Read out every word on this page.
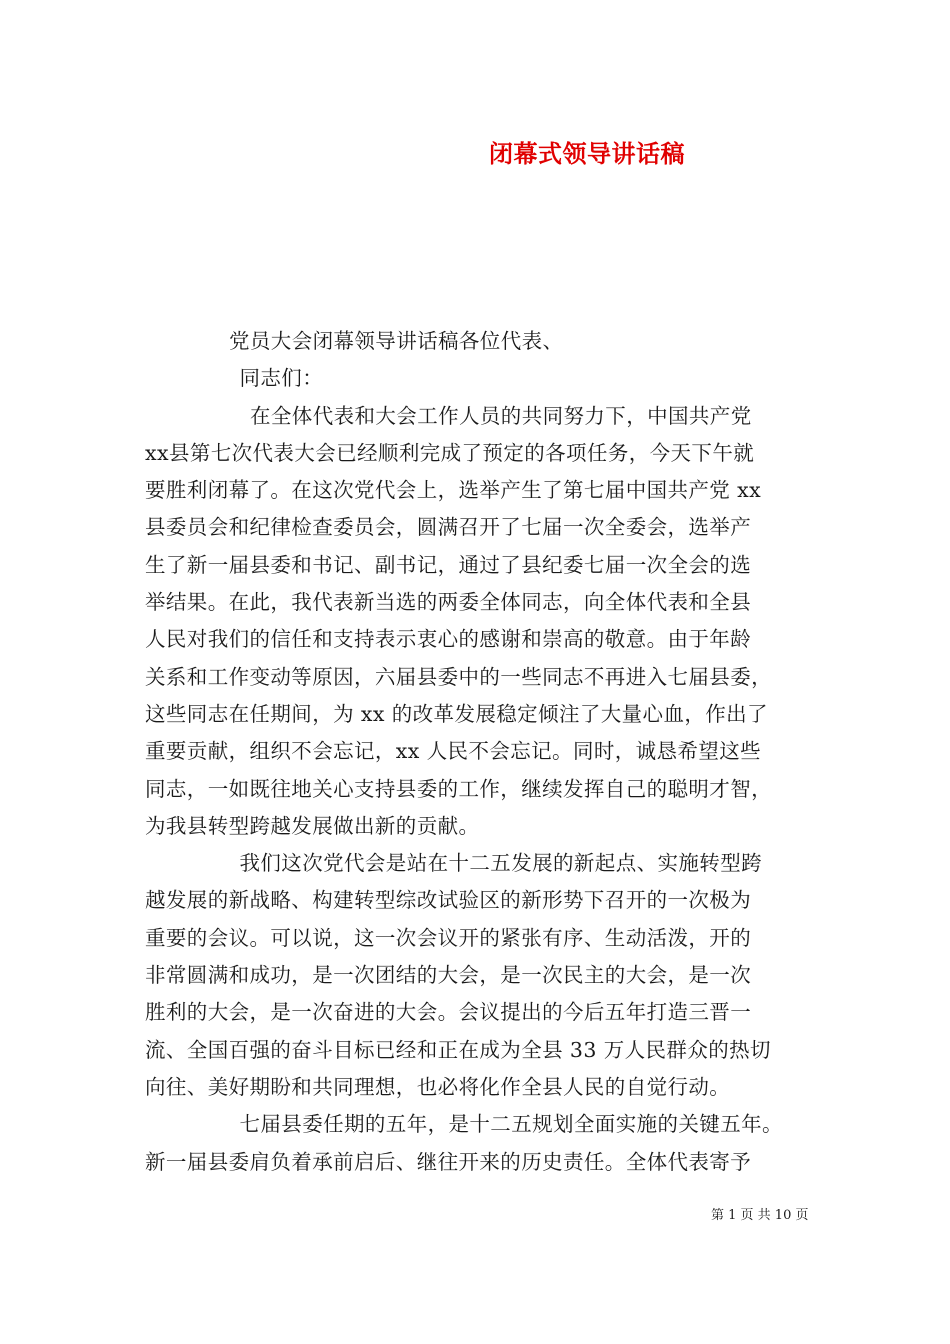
闭幕式领导讲话稿
党员大会闭幕领导讲话稿各位代表、
同志们：
在全体代表和大会工作人员的共同努力下，中国共产党
xx县第七次代表大会已经顺利完成了预定的各项任务，今天下午就
要胜利闭幕了。在这次党代会上，选举产生了第七届中国共产党 xx
县委员会和纪律检查委员会，圆满召开了七届一次全委会，选举产
生了新一届县委和书记、副书记，通过了县纪委七届一次全会的选
举结果。在此，我代表新当选的两委全体同志，向全体代表和全县
人民对我们的信任和支持表示衷心的感谢和崇高的敬意。由于年龄
关系和工作变动等原因，六届县委中的一些同志不再进入七届县委，
这些同志在任期间，为 xx 的改革发展稳定倾注了大量心血，作出了
重要贡献，组织不会忘记，xx 人民不会忘记。同时，诚恳希望这些
同志，一如既往地关心支持县委的工作，继续发挥自己的聪明才智，
为我县转型跨越发展做出新的贡献。
我们这次党代会是站在十二五发展的新起点、实施转型跨
越发展的新战略、构建转型综改试验区的新形势下召开的一次极为
重要的会议。可以说，这一次会议开的紧张有序、生动活泼，开的
非常圆满和成功，是一次团结的大会，是一次民主的大会，是一次
胜利的大会，是一次奋进的大会。会议提出的今后五年打造三晋一
流、全国百强的奋斗目标已经和正在成为全县 33 万人民群众的热切
向往、美好期盼和共同理想，也必将化作全县人民的自觉行动。
七届县委任期的五年，是十二五规划全面实施的关键五年。
新一届县委肩负着承前启后、继往开来的历史责任。全体代表寄予
第 1 页 共 10 页
